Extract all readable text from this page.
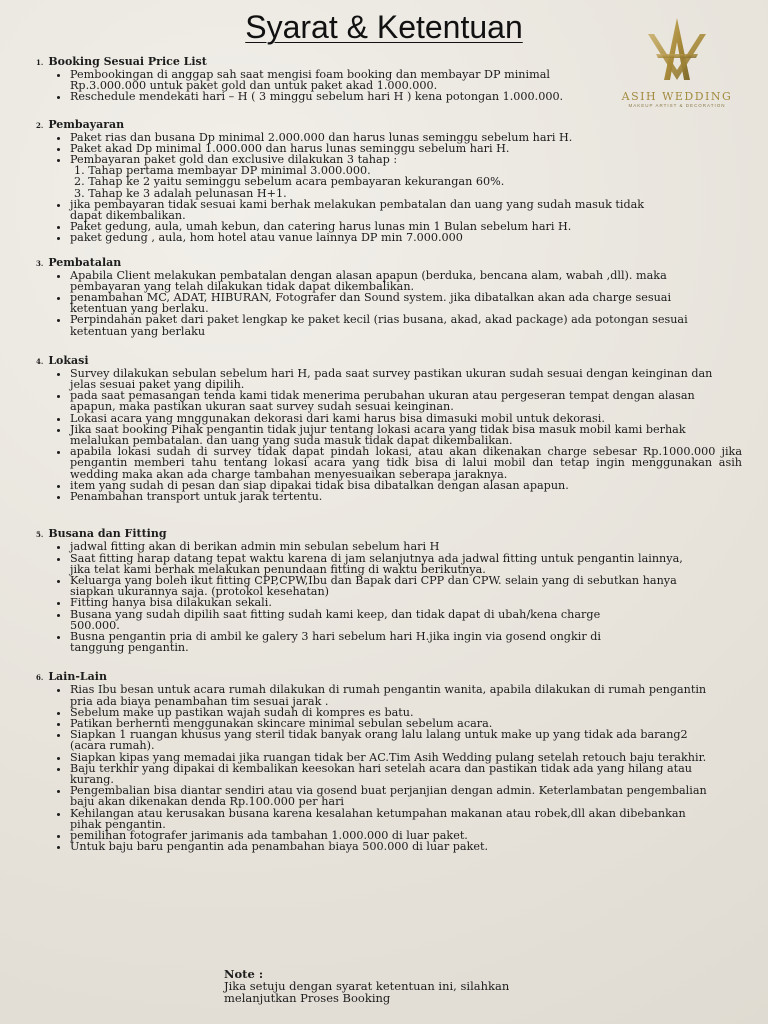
Syarat & Ketentuan
ASIH WEDDING
MAKEUP ARTIST & DECORATION
1. Booking Sesuai Price List
• Pembookingan di anggap sah saat mengisi foam booking dan membayar DP minimal Rp.3.000.000 untuk paket gold dan untuk paket akad 1.000.000.
• Reschedule mendekati hari – H ( 3 minggu sebelum hari H ) kena potongan 1.000.000.
2. Pembayaran
• Paket rias dan busana Dp minimal 2.000.000 dan harus lunas seminggu sebelum hari H.
• Paket akad Dp minimal 1.000.000 dan harus lunas seminggu sebelum hari H.
• Pembayaran paket gold dan exclusive dilakukan 3 tahap :
1. Tahap pertama membayar DP minimal 3.000.000.
2. Tahap ke 2 yaitu seminggu sebelum acara pembayaran kekurangan 60%.
3. Tahap ke 3 adalah pelunasan H+1.
• jika pembayaran tidak sesuai kami berhak melakukan pembatalan dan uang yang sudah masuk tidak dapat dikembalikan.
• Paket gedung, aula, umah kebun, dan catering harus lunas min 1 Bulan sebelum hari H.
• paket gedung , aula, hom hotel atau vanue lainnya DP min 7.000.000
3. Pembatalan
• Apabila Client melakukan pembatalan dengan alasan apapun (berduka, bencana alam, wabah ,dll). maka pembayaran yang telah dilakukan tidak dapat dikembalikan.
• penambahan MC, ADAT, HIBURAN, Fotografer dan Sound system. jika dibatalkan akan ada charge sesuai ketentuan yang berlaku.
• Perpindahan paket dari paket lengkap ke paket kecil (rias busana, akad, akad package) ada potongan sesuai ketentuan yang berlaku
4. Lokasi
• Survey dilakukan sebulan sebelum hari H, pada saat survey pastikan ukuran sudah sesuai dengan keinginan dan jelas sesuai paket yang dipilih.
• pada saat pemasangan tenda kami tidak menerima perubahan ukuran atau pergeseran tempat dengan alasan apapun, maka pastikan ukuran saat survey sudah sesuai keinginan.
• Lokasi acara yang mnggunakan dekorasi dari kami harus bisa dimasuki mobil untuk dekorasi.
• Jika saat booking Pihak pengantin tidak jujur tentang lokasi acara yang tidak bisa masuk mobil kami berhak melalukan pembatalan. dan uang yang suda masuk tidak dapat dikembalikan.
• apabila lokasi sudah di survey tidak dapat pindah lokasi, atau akan dikenakan charge sebesar Rp.1000.000 jika pengantin memberi tahu tentang lokasi acara yang tidk bisa di lalui mobil dan tetap ingin menggunakan asih wedding maka akan ada charge tambahan menyesuaikan seberapa jaraknya.
• item yang sudah di pesan dan siap dipakai tidak bisa dibatalkan dengan alasan apapun.
• Penambahan transport untuk jarak tertentu.
5. Busana dan Fitting
• jadwal fitting akan di berikan admin min sebulan sebelum hari H
• Saat fitting harap datang tepat waktu karena di jam selanjutnya ada jadwal fitting untuk pengantin lainnya, jika telat kami berhak melakukan penundaan fitting di waktu berikutnya.
• Keluarga yang boleh ikut fitting CPP,CPW,Ibu dan Bapak dari CPP dan CPW. selain yang di sebutkan hanya siapkan ukurannya saja. (protokol kesehatan)
• Fitting hanya bisa dilakukan sekali.
• Busana yang sudah dipilih saat fitting sudah kami keep, dan tidak dapat di ubah/kena charge 500.000.
• Busna pengantin pria di ambil ke galery 3 hari sebelum hari H.jika ingin via gosend ongkir di tanggung pengantin.
6. Lain-Lain
• Rias Ibu besan untuk acara rumah dilakukan di rumah pengantin wanita, apabila dilakukan di rumah pengantin pria ada biaya penambahan tim sesuai jarak .
• Sebelum make up pastikan wajah sudah di kompres es batu.
• Patikan berhernti menggunakan skincare minimal sebulan sebelum acara.
• Siapkan 1 ruangan khusus yang steril tidak banyak orang lalu lalang untuk make up yang tidak ada barang2 (acara rumah).
• Siapkan kipas yang memadai jika ruangan tidak ber AC.Tim Asih Wedding pulang setelah retouch baju terakhir.
• Baju terkhir yang dipakai di kembalikan keesokan hari setelah acara dan pastikan tidak ada yang hilang atau kurang.
• Pengembalian bisa diantar sendiri atau via gosend buat perjanjian dengan admin. Keterlambatan pengembalian baju akan dikenakan denda Rp.100.000 per hari
• Kehilangan atau kerusakan busana karena kesalahan ketumpahan makanan atau robek,dll akan dibebankan pihak pengantin.
• pemilihan fotografer jarimanis ada tambahan 1.000.000 di luar paket.
• Untuk baju baru pengantin ada penambahan biaya 500.000 di luar paket.
Note :
Jika setuju dengan syarat ketentuan ini, silahkan
melanjutkan Proses Booking
